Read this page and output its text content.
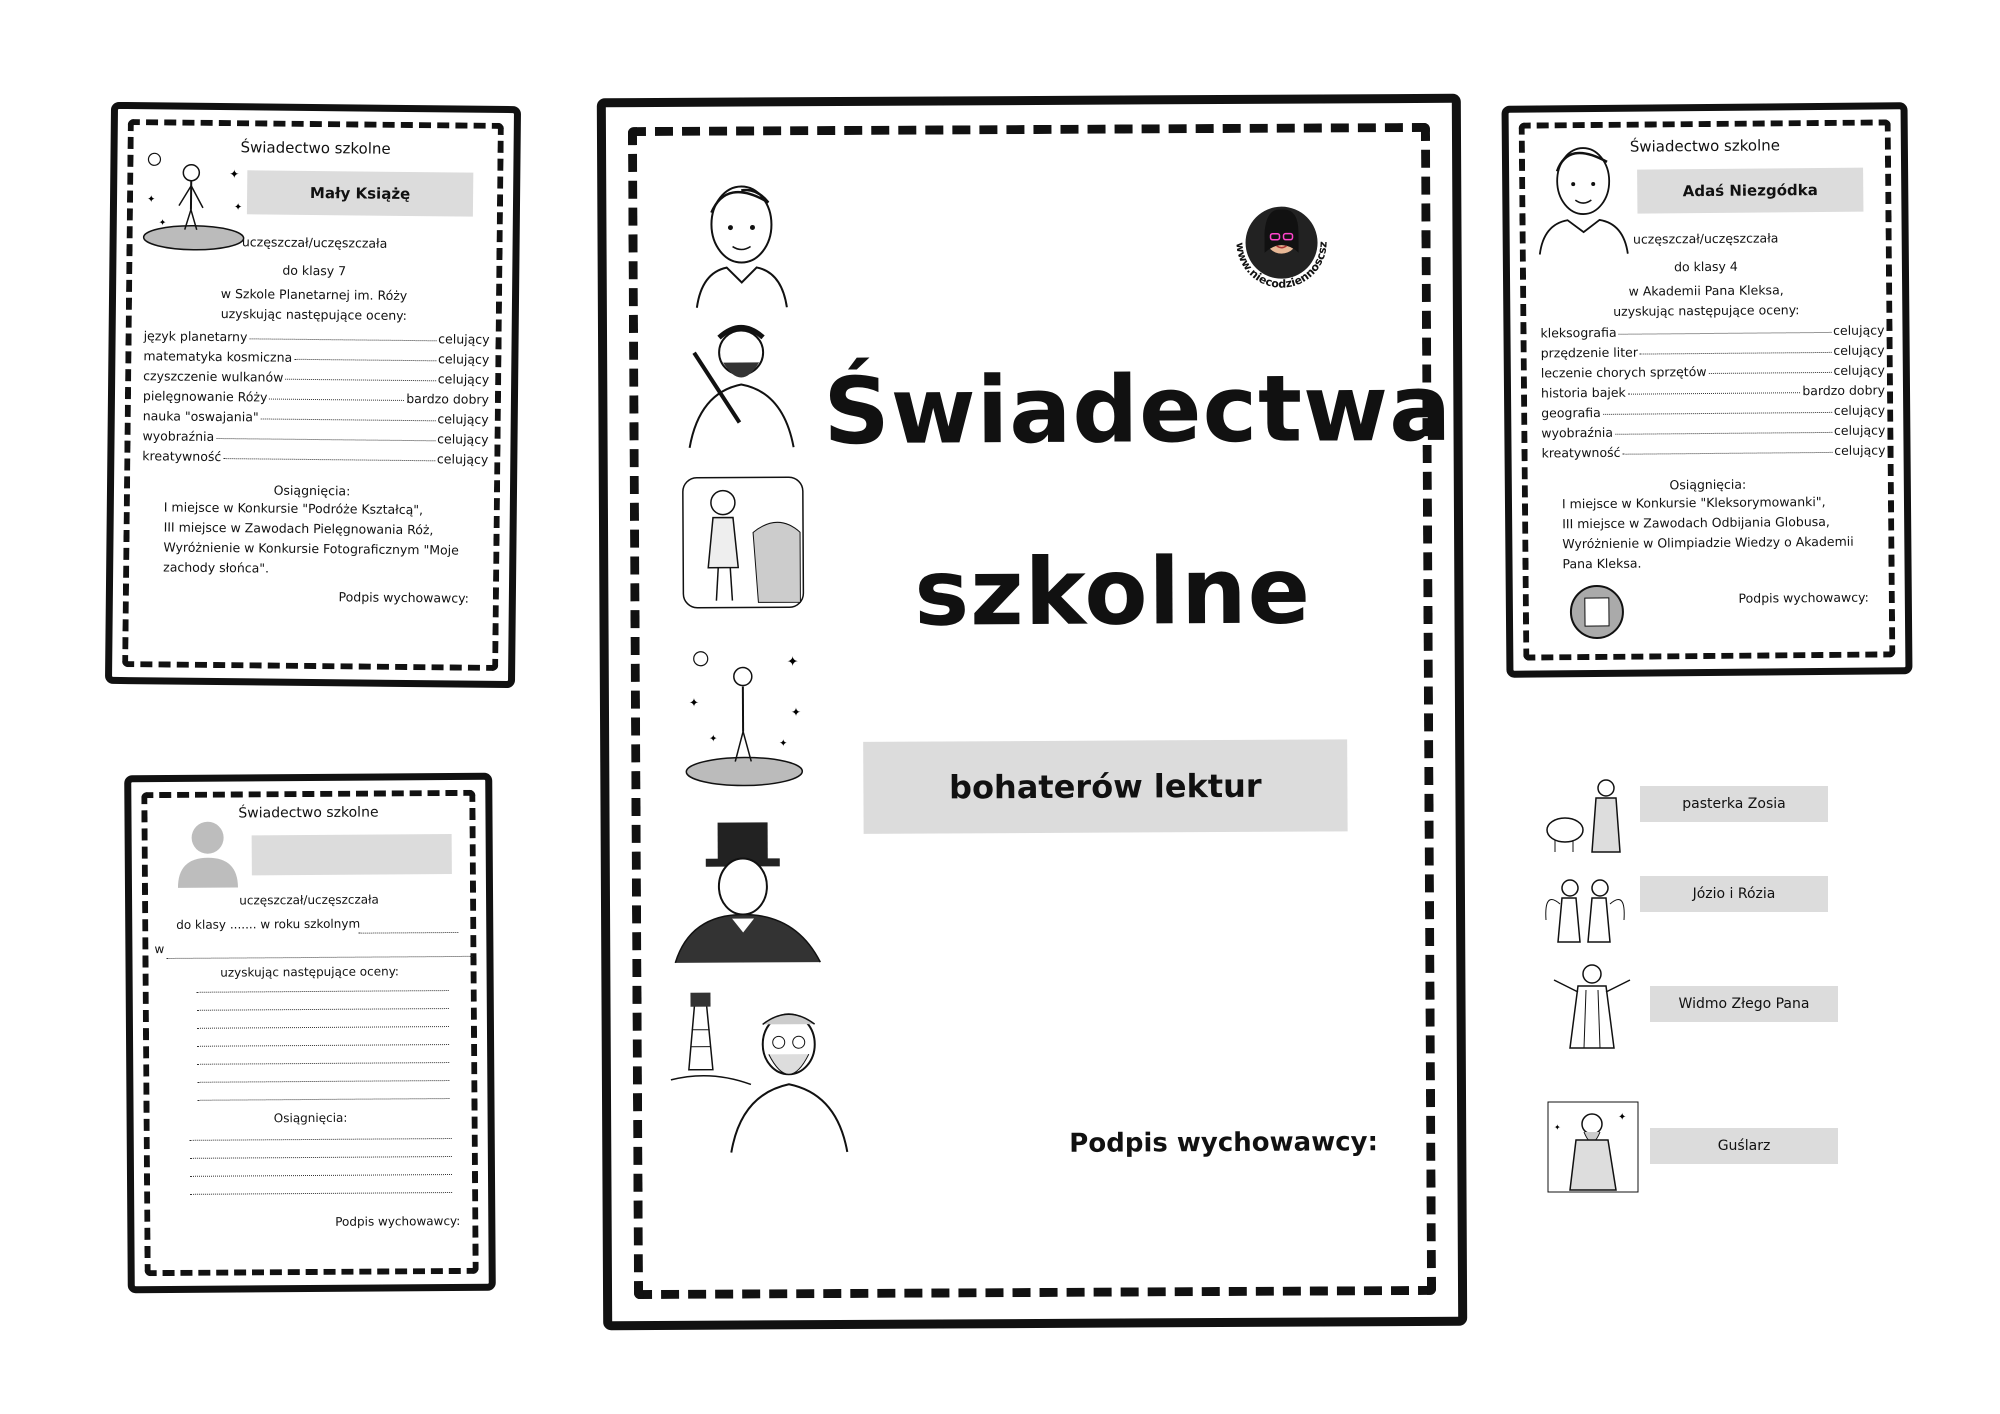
Świadectwo szkolne
✦
✦
✦
✦
Mały Książę
uczęszczał/uczęszczała
do klasy 7
w Szkole Planetarnej im. Róży
uzyskując następujące oceny:
język planetarny	celujący
matematyka kosmiczna	celujący
czyszczenie wulkanów	celujący
pielęgnowanie Róży	bardzo dobry
nauka "oswajania"	celujący
wyobraźnia	celujący
kreatywność	celujący
Osiągnięcia:
I miejsce w Konkursie "Podróże Kształcą",
III miejsce w Zawodach Pielęgnowania Róż,
Wyróżnienie w Konkursie Fotograficznym "Moje
zachody słońca".
Podpis wychowawcy:
Świadectwo szkolne
uczęszczał/uczęszczała
do klasy ....... w roku szkolnym
w
uzyskując następujące oceny:
Osiągnięcia:
Podpis wychowawcy:
✦
✦
✦
✦	✦
www.niecodziennoscszkolna.blogspot.com
Świadectwa
szkolne
bohaterów lektur
Podpis wychowawcy:
Świadectwo szkolne
Adaś Niezgódka
uczęszczał/uczęszczała
do klasy 4
w Akademii Pana Kleksa,
uzyskując następujące oceny:
kleksografia	celujący
przędzenie liter	celujący
leczenie chorych sprzętów	celujący
historia bajek	bardzo dobry
geografia	celujący
wyobraźnia	celujący
kreatywność	celujący
Osiągnięcia:
I miejsce w Konkursie "Kleksorymowanki",
III miejsce w Zawodach Odbijania Globusa,
Wyróżnienie w Olimpiadzie Wiedzy o Akademii
Pana Kleksa.
Podpis wychowawcy:
pasterka Zosia
Józio i Rózia
Widmo Złego Pana
✦
✦
Guślarz
